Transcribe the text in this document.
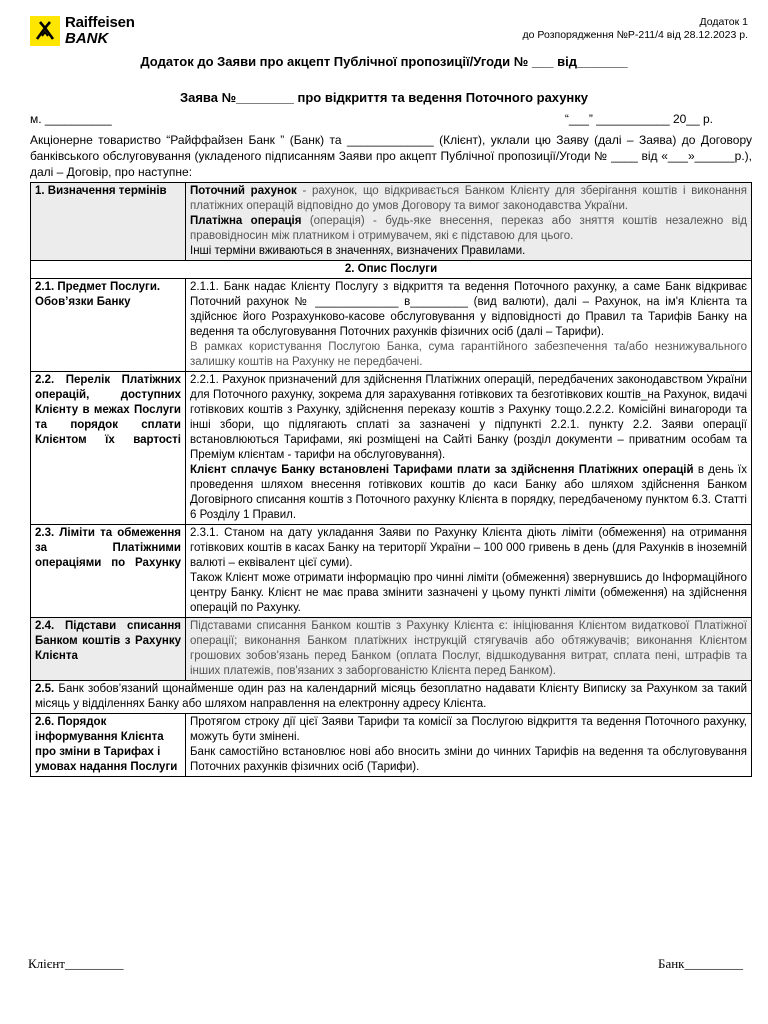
Raiffeisen
BANK
Додаток 1
до Розпорядження №Р-211/4 від 28.12.2023 р.
Додаток до Заяви про акцепт Публічної пропозиції/Угоди № ___ від_______
Заява №________ про відкриття та ведення Поточного рахунку
м. __________	“___” ___________ 20__ р.
Акціонерне товариство “Райффайзен Банк ” (Банк) та _____________ (Клієнт), уклали цю Заяву (далі – Заява) до Договору банківського обслуговування (укладеного підписанням Заяви про акцепт Публічної пропозиції/Угоди № ____ від «___»______р.), далі – Договір, про наступне:
1. Визначення термінів	Поточний рахунок - рахунок, що відкривається Банком Клієнту для зберігання коштів і виконання платіжних операцій відповідно до умов Договору та вимог законодавства України.

Платіжна операція (операція) - будь-яке внесення, переказ або зняття коштів незалежно від правовідносин між платником і отримувачем, які є підставою для цього.

Інші терміни вживаються в значеннях, визначених Правилами.

2. Опис Послуги	
2.1. Предмет Послуги. Обов’язки Банку	2.1.1. Банк надає Клієнту Послугу з відкриття та ведення Поточного рахунку, а саме Банк відкриває Поточний рахунок № _____________ в_________ (вид валюти), далі – Рахунок, на ім'я Клієнта та здійснює його Розрахунково-касове обслуговування у відповідності до Правил та Тарифів Банку на ведення та обслуговування Поточних рахунків фізичних осіб (далі – Тарифи).

В рамках користування Послугою Банка, сума гарантійного забезпечення та/або незнижувального залишку коштів на Рахунку не передбачені.

2.2. Перелік Платіжних операцій, доступних Клієнту в межах Послуги та порядок сплати Клієнтом їх вартості	2.2.1. Рахунок призначений для здійснення Платіжних операцій, передбачених законодавством України для Поточного рахунку, зокрема для зарахування готівкових та безготівкових коштів_на Рахунок, видачі готівкових коштів з Рахунку, здійснення переказу коштів з Рахунку тощо.2.2.2. Комісійні винагороди та інші збори, що підлягають сплаті за зазначені у підпункті 2.2.1. пункту 2.2. Заяви операції встановлюються Тарифами, які розміщені на Сайті Банку (розділ документи – приватним особам та Преміум клієнтам - тарифи на обслуговування).

Клієнт сплачує Банку встановлені Тарифами плати за здійснення Платіжних операцій в день їх проведення шляхом внесення готівкових коштів до каси Банку або шляхом здійснення Банком Договірного списання коштів з Поточного рахунку Клієнта в порядку, передбаченому пунктом 6.3. Статті 6 Розділу 1 Правил.

2.3. Ліміти та обмеження за Платіжними операціями по Рахунку	2.3.1. Станом на дату укладання Заяви по Рахунку Клієнта діють ліміти (обмеження) на отримання готівкових коштів в касах Банку на території України – 100 000 гривень в день (для Рахунків в іноземній валюті – еквівалент цієї суми).

Також Клієнт може отримати інформацію про чинні ліміти (обмеження) звернувшись до Інформаційного центру Банку. Клієнт не має права змінити зазначені у цьому пункті ліміти (обмеження) на здійснення операцій по Рахунку.

2.4. Підстави списання Банком коштів з Рахунку Клієнта	Підставами списання Банком коштів з Рахунку Клієнта є: ініціювання Клієнтом видаткової Платіжної операції; виконання Банком платіжних інструкцій стягувачів або обтяжувачів; виконання Клієнтом грошових зобов'язань перед Банком (оплата Послуг, відшкодування витрат, сплата пені, штрафів та інших платежів, пов'язаних з заборгованістю Клієнта перед Банком).
2.5. Банк зобов’язаний щонайменше один раз на календарний місяць безоплатно надавати Клієнту Виписку за Рахунком за такий місяць у відділеннях Банку або шляхом направлення на електронну адресу Клієнта.	
2.6. Порядок інформування Клієнта про зміни в Тарифах і умовах надання Послуги	Протягом строку дії цієї Заяви Тарифи та комісії за Послугою відкриття та ведення Поточного рахунку, можуть бути змінені.

Банк самостійно встановлює нові або вносить зміни до чинних Тарифів на ведення та обслуговування Поточних рахунків фізичних осіб (Тарифи).

Клієнт_________	Банк_________
